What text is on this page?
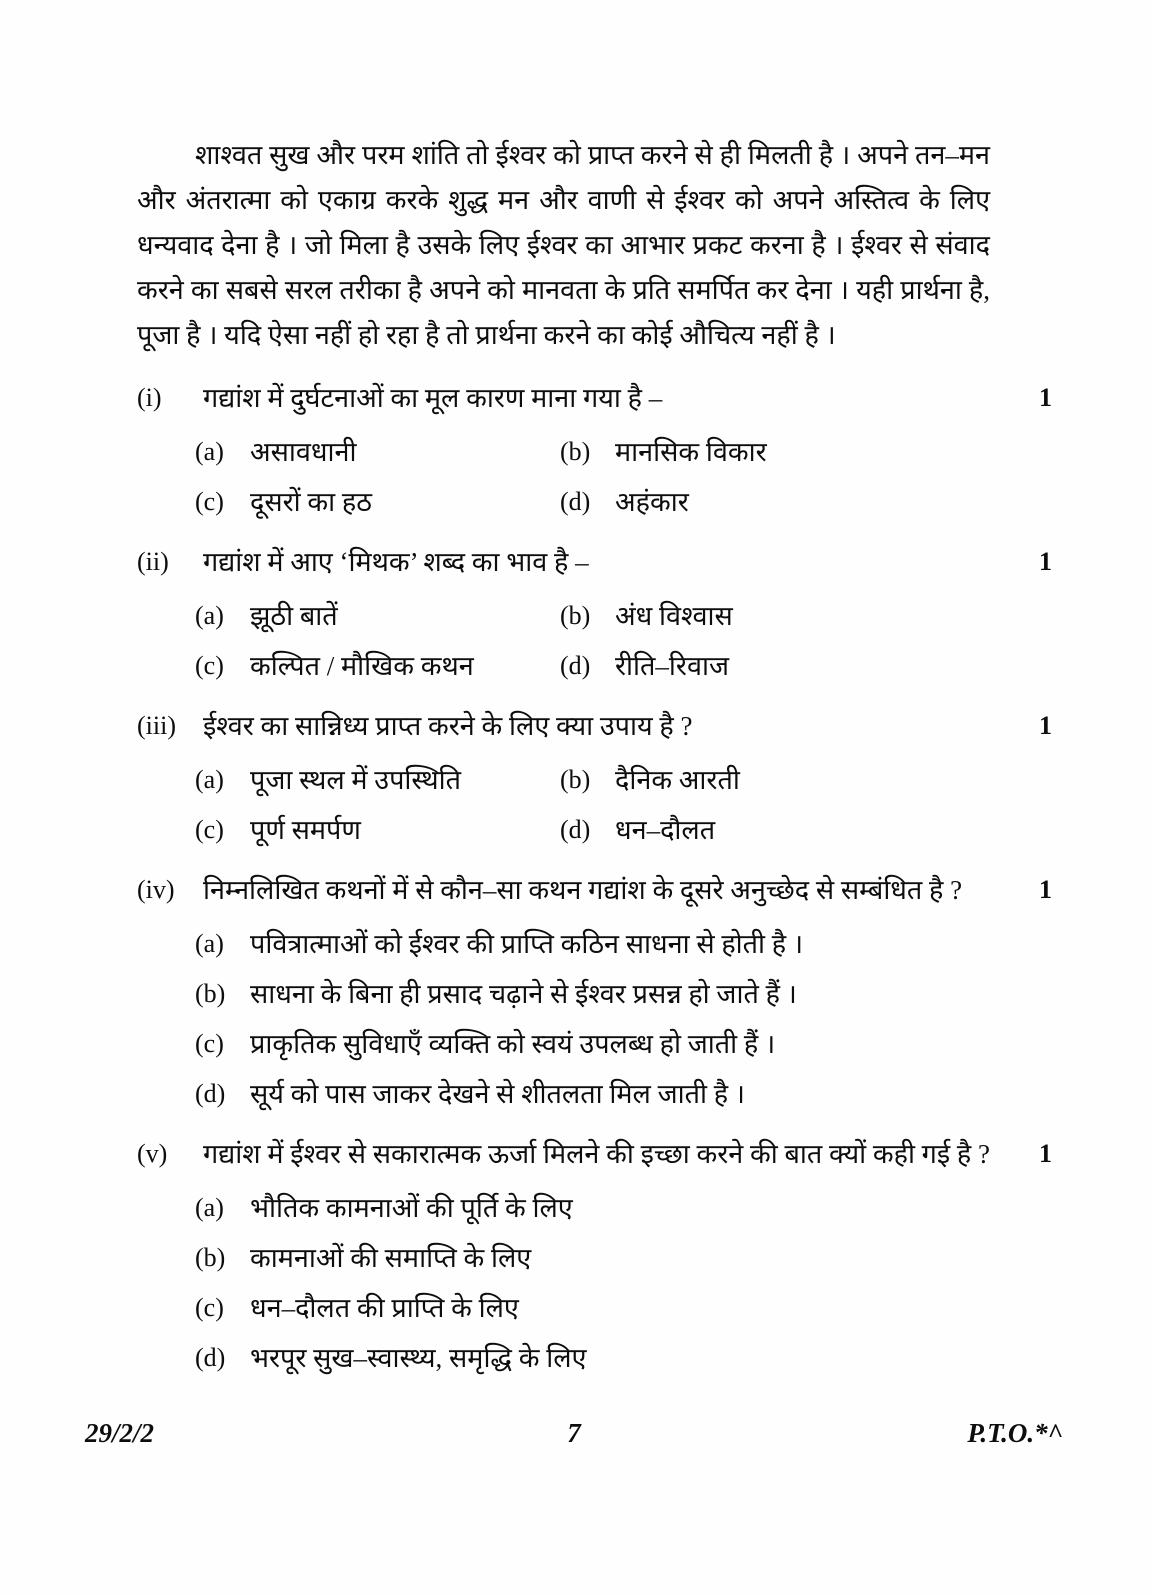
शाश्वत सुख और परम शांति तो ईश्वर को प्राप्त करने से ही मिलती है । अपने तन–मन और अंतरात्मा को एकाग्र करके शुद्ध मन और वाणी से ईश्वर को अपने अस्तित्व के लिए धन्यवाद देना है । जो मिला है उसके लिए ईश्वर का आभार प्रकट करना है । ईश्वर से संवाद करने का सबसे सरल तरीका है अपने को मानवता के प्रति समर्पित कर देना । यही प्रार्थना है, पूजा है । यदि ऐसा नहीं हो रहा है तो प्रार्थना करने का कोई औचित्य नहीं है ।

(i)	गद्यांश में दुर्घटनाओं का मूल कारण माना गया है –	1
(a) असावधानी	(b) मानसिक विकार
(c) दूसरों का हठ	(d) अहंकार
(ii)	गद्यांश में आए ‘मिथक’ शब्द का भाव है –	1
(a) झूठी बातें	(b) अंध विश्वास
(c) कल्पित / मौखिक कथन	(d) रीति–रिवाज
(iii)	ईश्वर का सान्निध्य प्राप्त करने के लिए क्या उपाय है ?	1
(a) पूजा स्थल में उपस्थिति	(b) दैनिक आरती
(c) पूर्ण समर्पण	(d) धन–दौलत
(iv)	निम्नलिखित कथनों में से कौन–सा कथन गद्यांश के दूसरे अनुच्छेद से सम्बंधित है ?	1
(a) पवित्रात्माओं को ईश्वर की प्राप्ति कठिन साधना से होती है ।
(b) साधना के बिना ही प्रसाद चढ़ाने से ईश्वर प्रसन्न हो जाते हैं ।
(c) प्राकृतिक सुविधाएँ व्यक्ति को स्वयं उपलब्ध हो जाती हैं ।
(d) सूर्य को पास जाकर देखने से शीतलता मिल जाती है ।
(v)	गद्यांश में ईश्वर से सकारात्मक ऊर्जा मिलने की इच्छा करने की बात क्यों कही गई है ?	1
(a) भौतिक कामनाओं की पूर्ति के लिए
(b) कामनाओं की समाप्ति के लिए
(c) धन–दौलत की प्राप्ति के लिए
(d) भरपूर सुख–स्वास्थ्य, समृद्धि के लिए
29/2/2	7	P.T.O.*^
